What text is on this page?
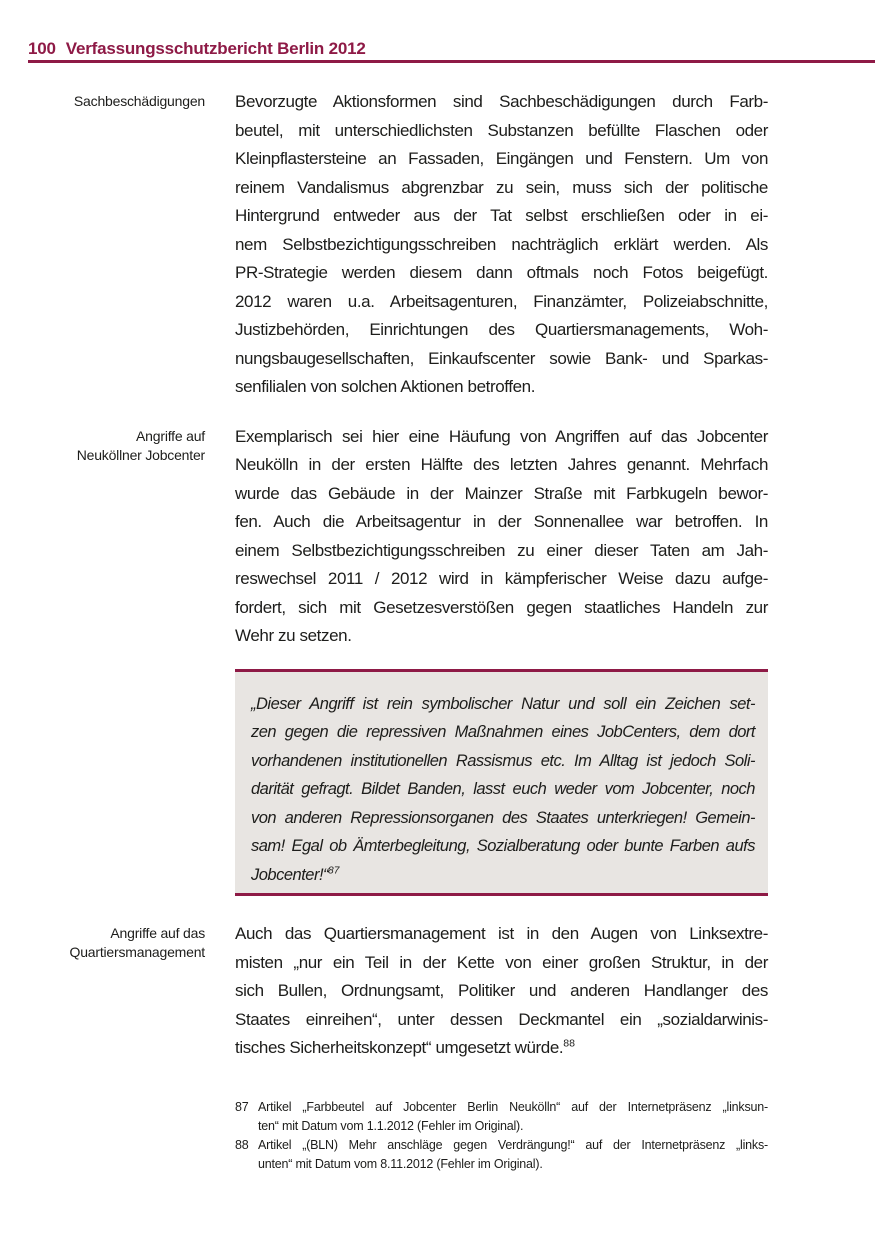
100 Verfassungsschutzbericht Berlin 2012
Sachbeschädigungen Bevorzugte Aktionsformen sind Sachbeschädigungen durch Farb-
beutel, mit unterschiedlichsten Substanzen befüllte Flaschen oder
Kleinpflastersteine an Fassaden, Eingängen und Fenstern. Um von
reinem Vandalismus abgrenzbar zu sein, muss sich der politische
Hintergrund entweder aus der Tat selbst erschließen oder in ei-
nem Selbstbezichtigungsschreiben nachträglich erklärt werden. Als
PR-Strategie werden diesem dann oftmals noch Fotos beigefügt.
2012 waren u.a. Arbeitsagenturen, Finanzämter, Polizeiabschnitte,
Justizbehörden, Einrichtungen des Quartiersmanagements, Woh-
nungsbaugesellschaften, Einkaufscenter sowie Bank- und Sparkas-
senfilialen von solchen Aktionen betroffen.
Angriffe auf
Neuköllner Jobcenter
Exemplarisch sei hier eine Häufung von Angriffen auf das Jobcenter
Neukölln in der ersten Hälfte des letzten Jahres genannt. Mehrfach
wurde das Gebäude in der Mainzer Straße mit Farbkugeln bewor-
fen. Auch die Arbeitsagentur in der Sonnenallee war betroffen. In
einem Selbstbezichtigungsschreiben zu einer dieser Taten am Jah-
reswechsel 2011 / 2012 wird in kämpferischer Weise dazu aufge-
fordert, sich mit Gesetzesverstößen gegen staatliches Handeln zur
Wehr zu setzen.
„Dieser Angriff ist rein symbolischer Natur und soll ein Zeichen set-
zen gegen die repressiven Maßnahmen eines JobCenters, dem dort
vorhandenen institutionellen Rassismus etc. Im Alltag ist jedoch Soli-
darität gefragt. Bildet Banden, lasst euch weder vom Jobcenter, noch
von anderen Repressionsorganen des Staates unterkriegen! Gemein-
sam! Egal ob Ämterbegleitung, Sozialberatung oder bunte Farben aufs
Jobcenter!“$^{87}$
Angriffe auf das
Quartiersmanagement
Auch das Quartiersmanagement ist in den Augen von Linksextre-
misten „nur ein Teil in der Kette von einer großen Struktur, in der
sich Bullen, Ordnungsamt, Politiker und anderen Handlanger des
Staates einreihen“, unter dessen Deckmantel ein „sozialdarwinis-
tisches Sicherheitskonzept“ umgesetzt würde.$^{88}$
87 Artikel „Farbbeutel auf Jobcenter Berlin Neukölln“ auf der Internetpräsenz „linksun-
ten“ mit Datum vom 1.1.2012 (Fehler im Original).
88 Artikel „(BLN) Mehr anschläge gegen Verdrängung!“ auf der Internetpräsenz „links-
unten“ mit Datum vom 8.11.2012 (Fehler im Original).
